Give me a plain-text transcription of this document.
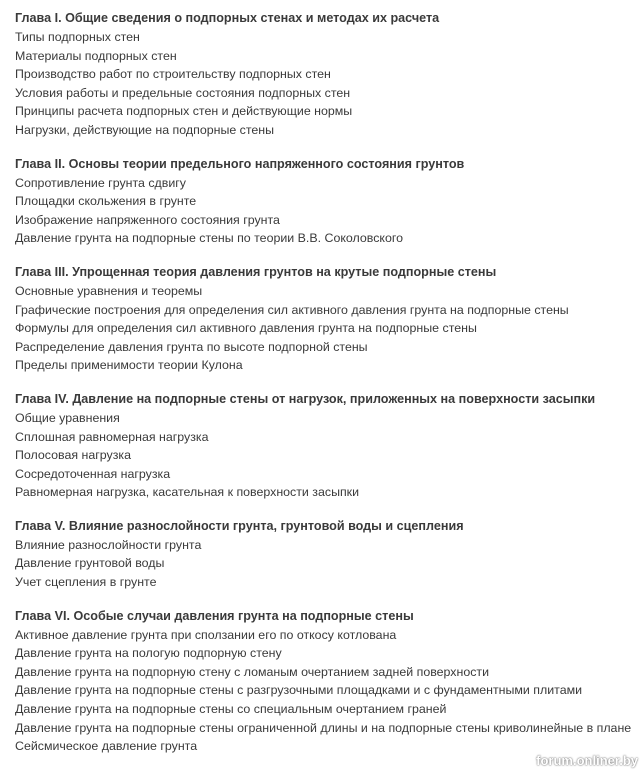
Глава I. Общие сведения о подпорных стенах и методах их расчета
Типы подпорных стен
Материалы подпорных стен
Производство работ по строительству подпорных стен
Условия работы и предельные состояния подпорных стен
Принципы расчета подпорных стен и действующие нормы
Нагрузки, действующие на подпорные стены
Глава II. Основы теории предельного напряженного состояния грунтов
Сопротивление грунта сдвигу
Площадки скольжения в грунте
Изображение напряженного состояния грунта
Давление грунта на подпорные стены по теории В.В. Соколовского
Глава III. Упрощенная теория давления грунтов на крутые подпорные стены
Основные уравнения и теоремы
Графические построения для определения сил активного давления грунта на подпорные стены
Формулы для определения сил активного давления грунта на подпорные стены
Распределение давления грунта по высоте подпорной стены
Пределы применимости теории Кулона
Глава IV. Давление на подпорные стены от нагрузок, приложенных на поверхности засыпки
Общие уравнения
Сплошная равномерная нагрузка
Полосовая нагрузка
Сосредоточенная нагрузка
Равномерная нагрузка, касательная к поверхности засыпки
Глава V. Влияние разнослойности грунта, грунтовой воды и сцепления
Влияние разнослойности грунта
Давление грунтовой воды
Учет сцепления в грунте
Глава VI. Особые случаи давления грунта на подпорные стены
Активное давление грунта при сползании его по откосу котлована
Давление грунта на пологую подпорную стену
Давление грунта на подпорную стену с ломаным очертанием задней поверхности
Давление грунта на подпорные стены с разгрузочными площадками и с фундаментными плитами
Давление грунта на подпорные стены со специальным очертанием граней
Давление грунта на подпорные стены ограниченной длины и на подпорные стены криволинейные в плане
Сейсмическое давление грунта
forum.onliner.by
